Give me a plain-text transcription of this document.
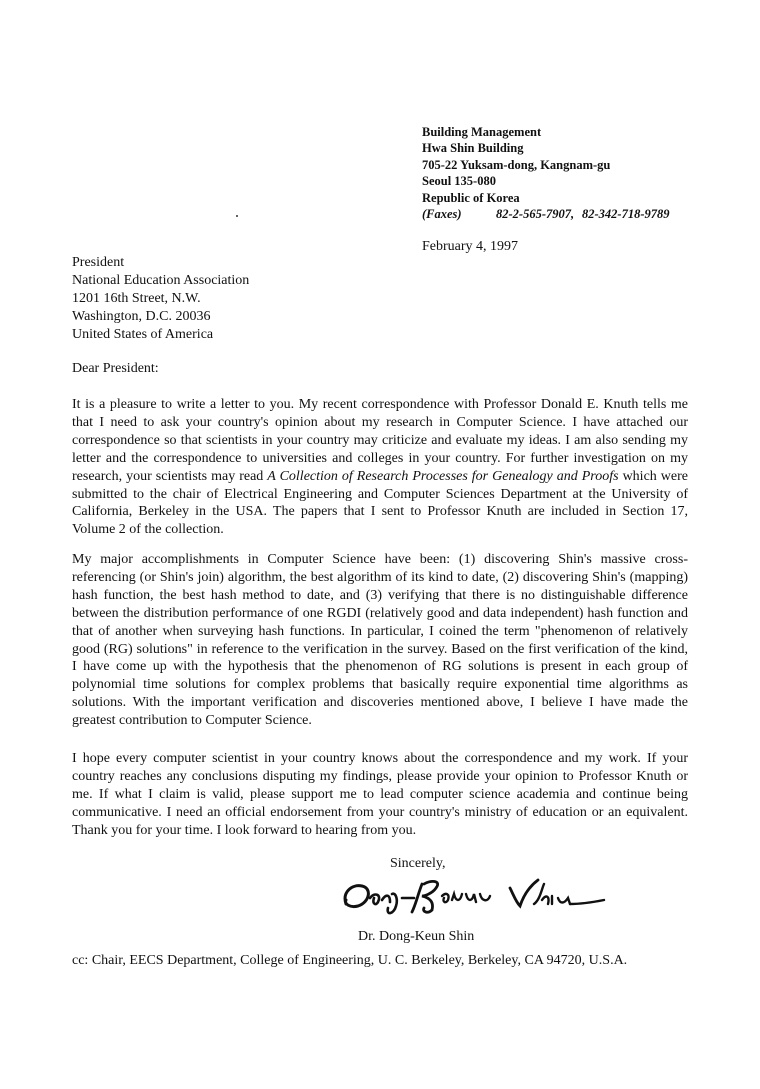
Building Management
Hwa Shin Building
705-22 Yuksam-dong, Kangnam-gu
Seoul 135-080
Republic of Korea
(Faxes)	82-2-565-7907, 82-342-718-9789
February 4, 1997
President
National Education Association
1201 16th Street, N.W.
Washington, D.C. 20036
United States of America
Dear President:

It is a pleasure to write a letter to you. My recent correspondence with Professor Donald E. Knuth tells me that I need to ask your country's opinion about my research in Computer Science. I have attached our correspondence so that scientists in your country may criticize and evaluate my ideas. I am also sending my letter and the correspondence to universities and colleges in your country. For further investigation on my research, your scientists may read A Collection of Research Processes for Genealogy and Proofs which were submitted to the chair of Electrical Engineering and Computer Sciences Department at the University of California, Berkeley in the USA. The papers that I sent to Professor Knuth are included in Section 17, Volume 2 of the collection.

My major accomplishments in Computer Science have been: (1) discovering Shin's massive cross-referencing (or Shin's join) algorithm, the best algorithm of its kind to date, (2) discovering Shin's (mapping) hash function, the best hash method to date, and (3) verifying that there is no distinguishable difference between the distribution performance of one RGDI (relatively good and data independent) hash function and that of another when surveying hash functions. In particular, I coined the term "phenomenon of relatively good (RG) solutions" in reference to the verification in the survey. Based on the first verification of the kind, I have come up with the hypothesis that the phenomenon of RG solutions is present in each group of polynomial time solutions for complex problems that basically require exponential time algorithms as solutions. With the important verification and discoveries mentioned above, I believe I have made the greatest contribution to Computer Science.

I hope every computer scientist in your country knows about the correspondence and my work. If your country reaches any conclusions disputing my findings, please provide your opinion to Professor Knuth or me. If what I claim is valid, please support me to lead computer science academia and continue being communicative. I need an official endorsement from your country's ministry of education or an equivalent. Thank you for your time. I look forward to hearing from you.

Sincerely,
Dr. Dong-Keun Shin
cc: Chair, EECS Department, College of Engineering, U. C. Berkeley, Berkeley, CA 94720, U.S.A.
